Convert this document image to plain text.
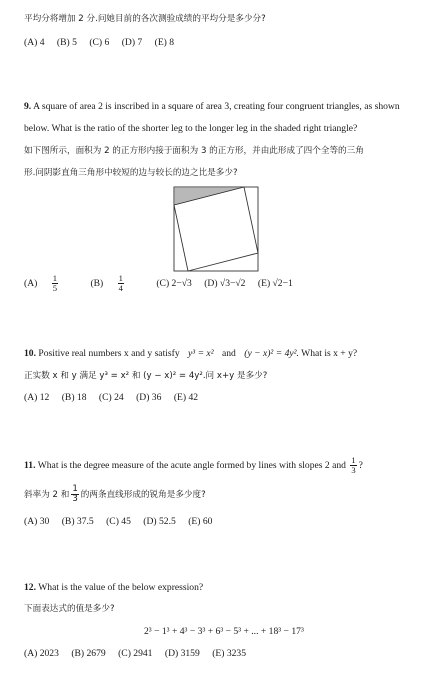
平均分将增加 2 分.问她目前的各次测验成绩的平均分是多少分?
(A) 4 (B) 5 (C) 6 (D) 7 (E) 8
9. A square of area 2 is inscribed in a square of area 3, creating four congruent triangles, as shown
below. What is the ratio of the shorter leg to the longer leg in the shaded right triangle?
如下图所示，面积为 2 的正方形内接于面积为 3 的正方形，并由此形成了四个全等的三角
形.问阴影直角三角形中较短的边与较长的边之比是多少?
$(A) \frac{1}{5} (B) \frac{1}{4} (C)$ 2−√3 (D) √3−√2 (E) √2−1
10. Positive real numbers x and y satisfy y³ = x² and (y − x)² = 4y². What is x + y?
正实数 x 和 y 满足 y³ = x² 和 (y − x)² = 4y².问 x+y 是多少?
(A) 12 (B) 18 (C) 24 (D) 36 (E) 42
11. What is the degree measure of the acute angle formed by lines with slopes 2 and $\frac{1}{3}$ ?
斜率为 2 和 $\frac{1}{3}$ 的两条直线形成的锐角是多少度?
(A) 30 (B) 37.5 (C) 45 (D) 52.5 (E) 60
12. What is the value of the below expression?
下面表达式的值是多少?
2³ − 1³ + 4³ − 3³ + 6³ − 5³ + ... + 18³ − 17³
(A) 2023 (B) 2679 (C) 2941 (D) 3159 (E) 3235
